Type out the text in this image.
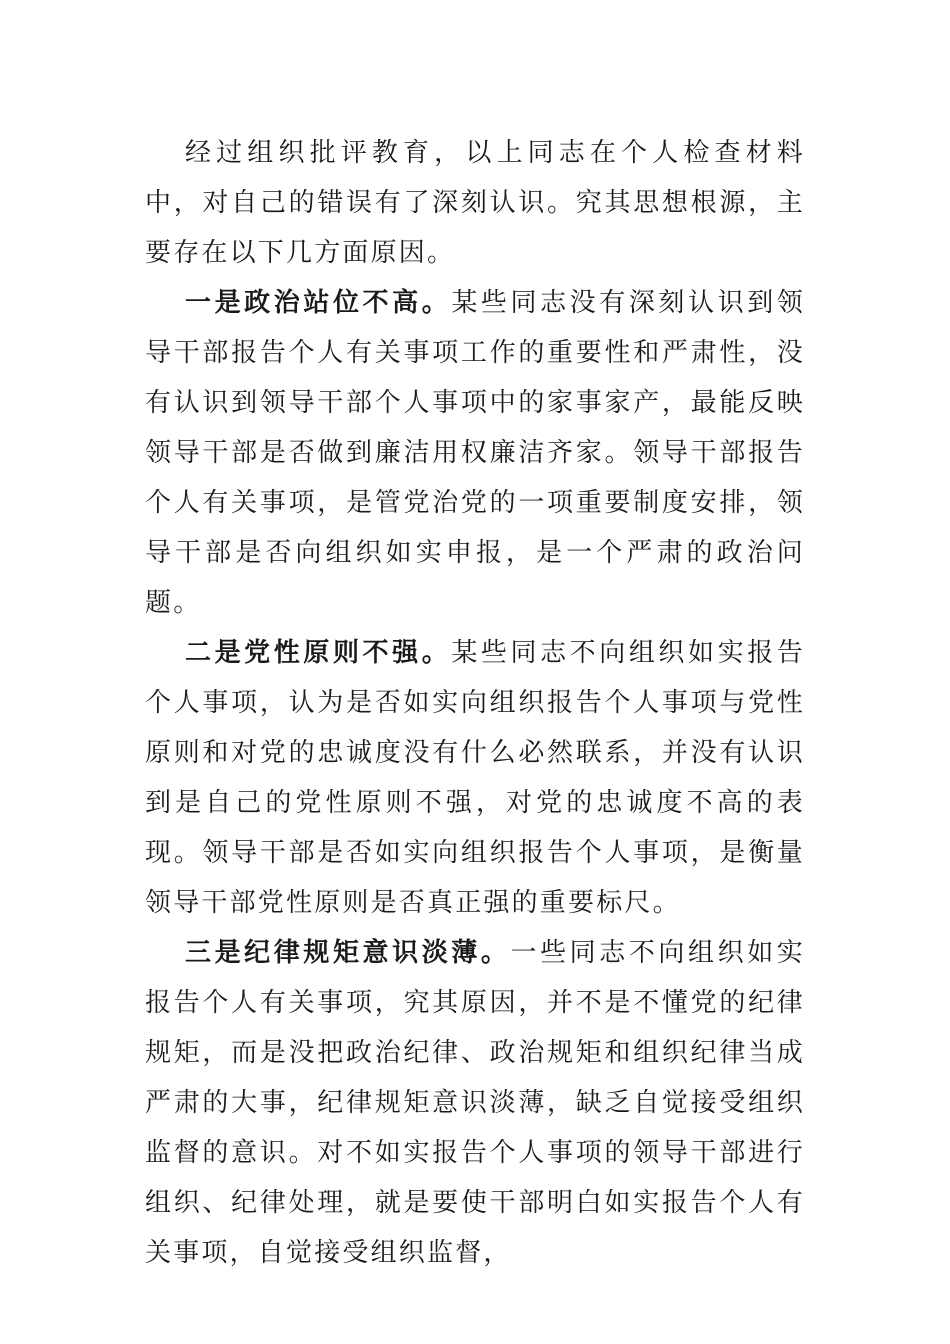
经过组织批评教育，以上同志在个人检查材料中，对自己的错误有了深刻认识。究其思想根源，主要存在以下几方面原因。

一是政治站位不高。某些同志没有深刻认识到领导干部报告个人有关事项工作的重要性和严肃性，没有认识到领导干部个人事项中的家事家产，最能反映领导干部是否做到廉洁用权廉洁齐家。领导干部报告个人有关事项，是管党治党的一项重要制度安排，领导干部是否向组织如实申报，是一个严肃的政治问题。

二是党性原则不强。某些同志不向组织如实报告个人事项，认为是否如实向组织报告个人事项与党性原则和对党的忠诚度没有什么必然联系，并没有认识到是自己的党性原则不强，对党的忠诚度不高的表现。领导干部是否如实向组织报告个人事项，是衡量领导干部党性原则是否真正强的重要标尺。

三是纪律规矩意识淡薄。一些同志不向组织如实报告个人有关事项，究其原因，并不是不懂党的纪律规矩，而是没把政治纪律、政治规矩和组织纪律当成严肃的大事，纪律规矩意识淡薄，缺乏自觉接受组织监督的意识。对不如实报告个人事项的领导干部进行组织、纪律处理，就是要使干部明白如实报告个人有关事项，自觉接受组织监督，
